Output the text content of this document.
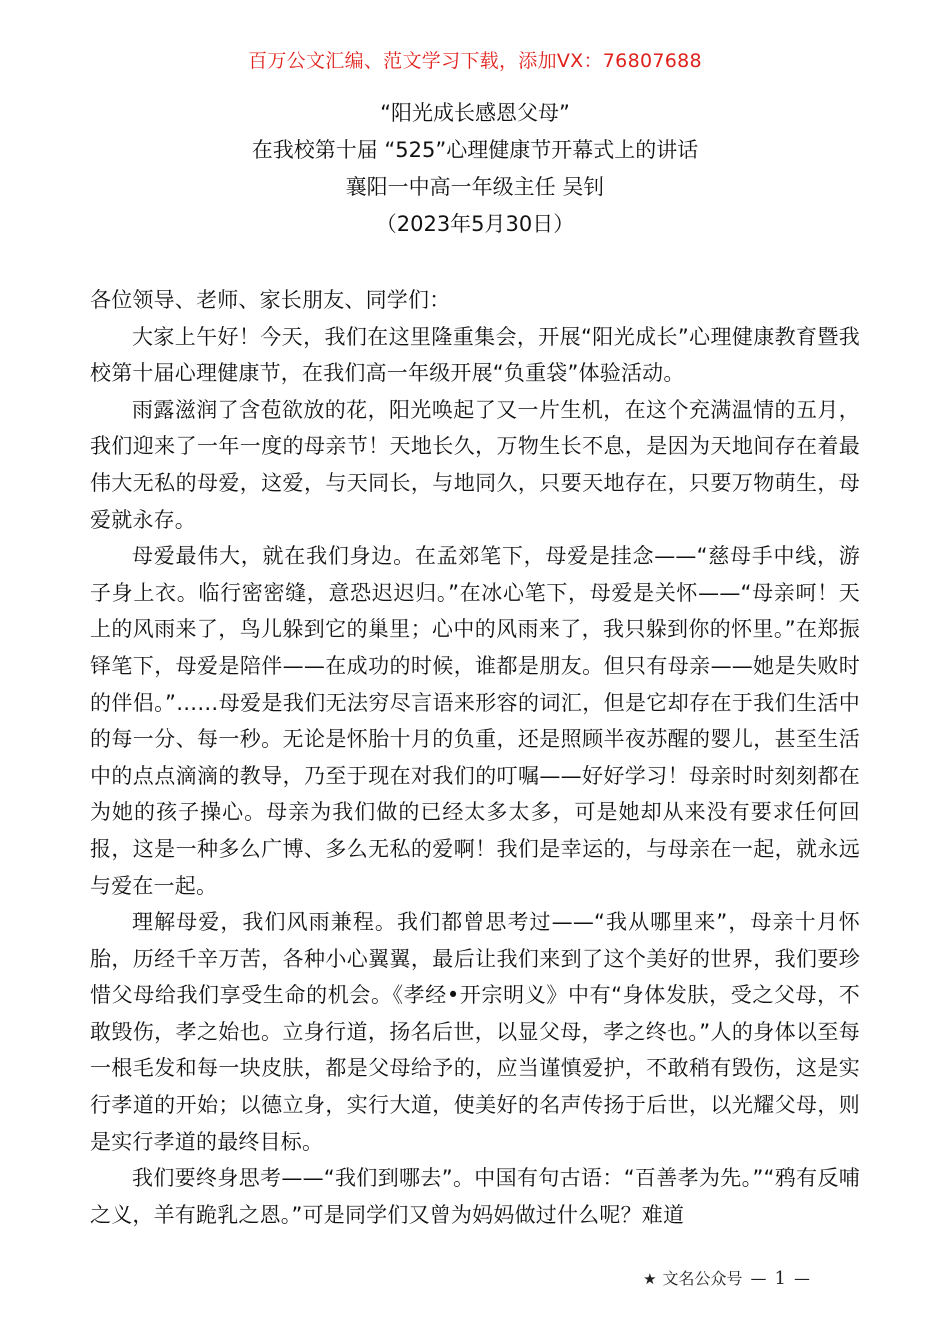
百万公文汇编、范文学习下载，添加VX：76807688
“阳光成长感恩父母”
在我校第十届 “525”心理健康节开幕式上的讲话
襄阳一中高一年级主任 吴钊
（2023年5月30日）

各位领导、老师、家长朋友、同学们：

大家上午好！今天，我们在这里隆重集会，开展“阳光成长”心理健康教育暨我校第十届心理健康节，在我们高一年级开展“负重袋”体验活动。

雨露滋润了含苞欲放的花，阳光唤起了又一片生机，在这个充满温情的五月，我们迎来了一年一度的母亲节！天地长久，万物生长不息，是因为天地间存在着最伟大无私的母爱，这爱，与天同长，与地同久，只要天地存在，只要万物萌生，母爱就永存。

母爱最伟大，就在我们身边。在孟郊笔下，母爱是挂念——“慈母手中线，游子身上衣。临行密密缝，意恐迟迟归。”在冰心笔下，母爱是关怀——“母亲呵！天上的风雨来了，鸟儿躲到它的巢里；心中的风雨来了，我只躲到你的怀里。”在郑振铎笔下，母爱是陪伴——在成功的时候，谁都是朋友。但只有母亲——她是失败时的伴侣。”……母爱是我们无法穷尽言语来形容的词汇，但是它却存在于我们生活中的每一分、每一秒。无论是怀胎十月的负重，还是照顾半夜苏醒的婴儿，甚至生活中的点点滴滴的教导，乃至于现在对我们的叮嘱——好好学习！母亲时时刻刻都在为她的孩子操心。母亲为我们做的已经太多太多，可是她却从来没有要求任何回报，这是一种多么广博、多么无私的爱啊！我们是幸运的，与母亲在一起，就永远与爱在一起。

理解母爱，我们风雨兼程。我们都曾思考过——“我从哪里来”，母亲十月怀胎，历经千辛万苦，各种小心翼翼，最后让我们来到了这个美好的世界，我们要珍惜父母给我们享受生命的机会。《孝经•开宗明义》中有“身体发肤，受之父母，不敢毁伤，孝之始也。立身行道，扬名后世，以显父母，孝之终也。”人的身体以至每一根毛发和每一块皮肤，都是父母给予的，应当谨慎爱护，不敢稍有毁伤，这是实行孝道的开始；以德立身，实行大道，使美好的名声传扬于后世，以光耀父母，则是实行孝道的最终目标。

我们要终身思考——“我们到哪去”。中国有句古语：“百善孝为先。”“鸦有反哺之义，羊有跪乳之恩。”可是同学们又曾为妈妈做过什么呢？难道

★ 文名公众号 — 1 —
